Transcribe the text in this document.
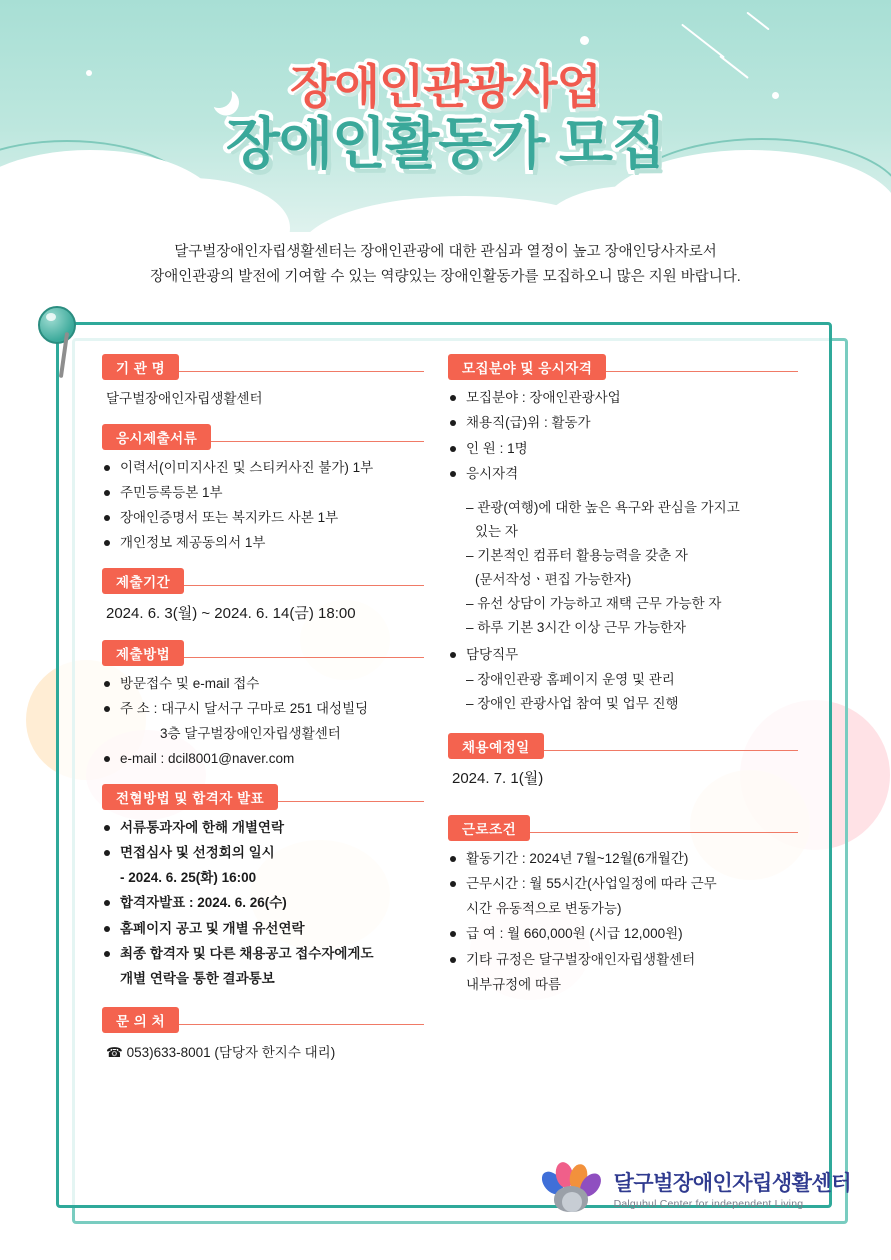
장애인관광사업
장애인활동가 모집
달구벌장애인자립생활센터는 장애인관광에 대한 관심과 열정이 높고 장애인당사자로서
장애인관광의 발전에 기여할 수 있는 역량있는 장애인활동가를 모집하오니 많은 지원 바랍니다.
기 관 명
달구벌장애인자립생활센터
응시제출서류
이력서(이미지사진 및 스티커사진 불가) 1부
주민등록등본 1부
장애인증명서 또는 복지카드 사본 1부
개인정보 제공동의서 1부
제출기간
2024. 6. 3(월) ~ 2024. 6. 14(금) 18:00
제출방법
방문접수 및 e-mail 접수
주 소 : 대구시 달서구 구마로 251 대성빌딩
3층 달구벌장애인자립생활센터
e-mail : dcil8001@naver.com
전혐방법 및 합격자 발표
서류통과자에 한해 개별연락
면접심사 및 선정회의 일시
- 2024. 6. 25(화) 16:00
합격자발표 : 2024. 6. 26(수)
홈페이지 공고 및 개별 유선연락
최종 합격자 및 다른 채용공고 접수자에게도
개별 연락을 통한 결과통보
문 의 처
☎ 053)633-8001 (담당자 한지수 대리)
모집분야 및 응시자격
모집분야 : 장애인관광사업
채용직(급)위 : 활동가
인 원 : 1명
응시자격
– 관광(여행)에 대한 높은 욕구와 관심을 가지고
있는 자
– 기본적인 컴퓨터 활용능력을 갖춘 자
(문서작성ㆍ편집 가능한자)
– 유선 상담이 가능하고 재택 근무 가능한 자
– 하루 기본 3시간 이상 근무 가능한자
담당직무
– 장애인관광 홈페이지 운영 및 관리
– 장애인 관광사업 참여 및 업무 진행
채용예정일
2024. 7. 1(월)
근로조건
활동기간 : 2024년 7월~12월(6개월간)
근무시간 : 월 55시간(사업일정에 따라 근무
시간 유동적으로 변동가능)
급 여 : 월 660,000원 (시급 12,000원)
기타 규정은 달구벌장애인자립생활센터
내부규정에 따름
달구벌장애인자립생활센터
Dalgubul Center for independent Living
